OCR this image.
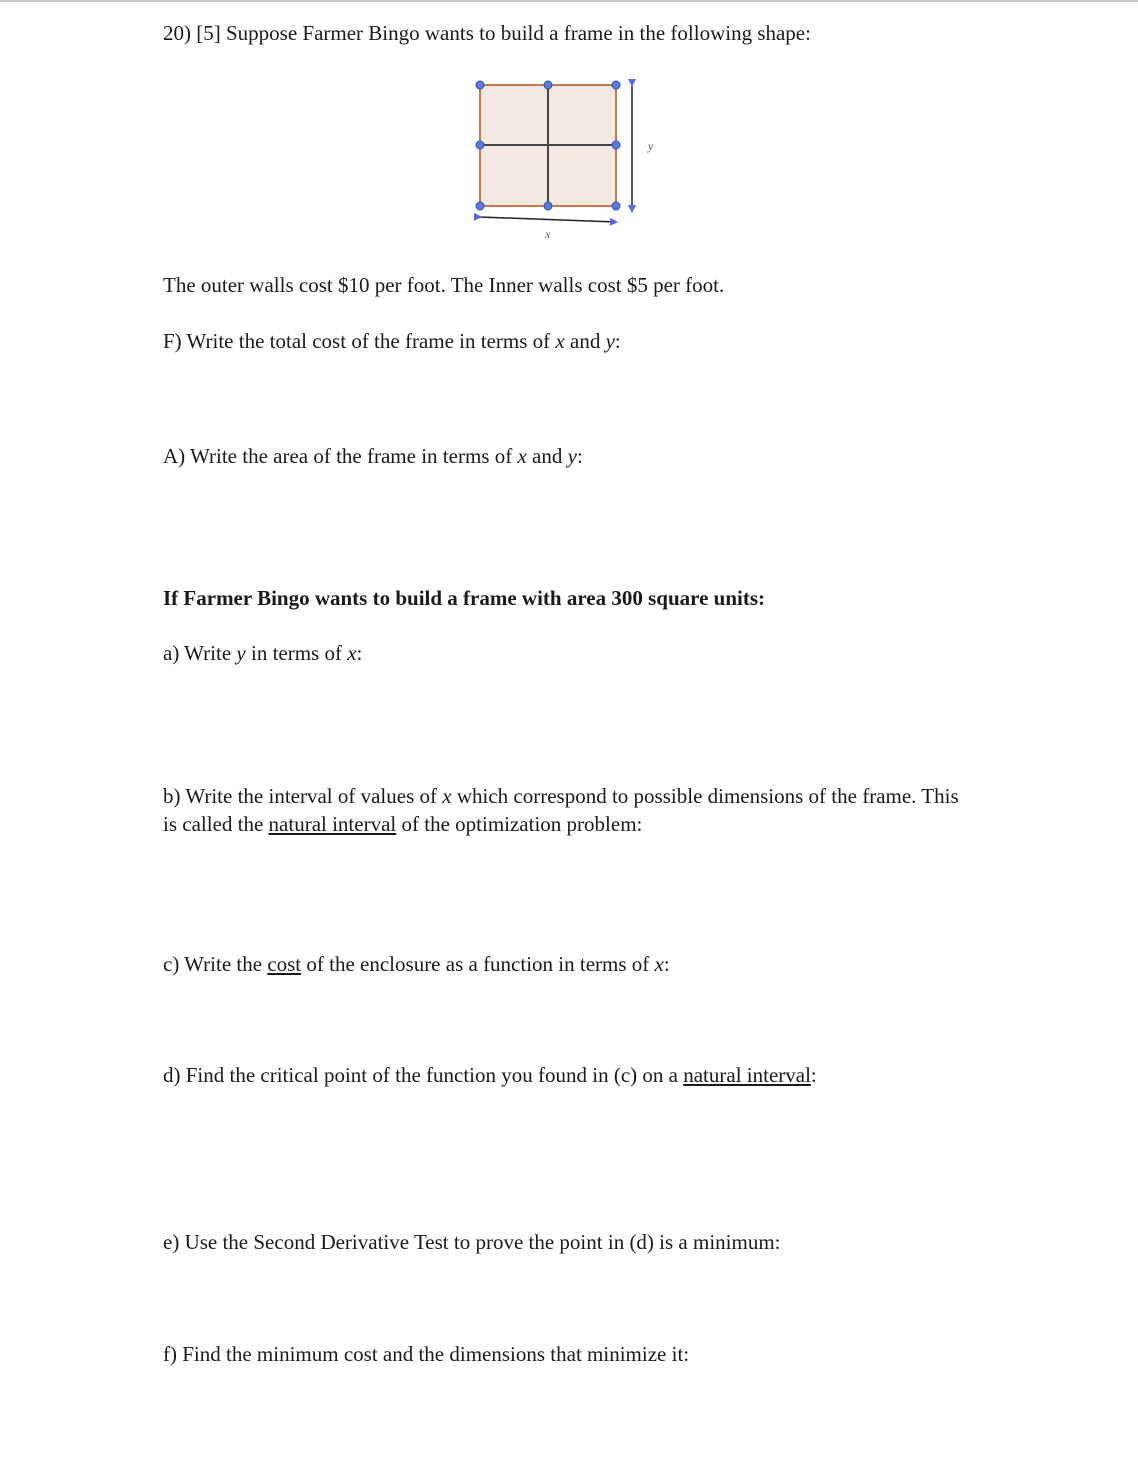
20) [5] Suppose Farmer Bingo wants to build a frame in the following shape:
y
x
The outer walls cost $10 per foot. The Inner walls cost $5 per foot.
F) Write the total cost of the frame in terms of x and y:
A) Write the area of the frame in terms of x and y:
If Farmer Bingo wants to build a frame with area 300 square units:
a) Write y in terms of x:
b) Write the interval of values of x which correspond to possible dimensions of the frame. This is called the natural interval of the optimization problem:
c) Write the cost of the enclosure as a function in terms of x:
d) Find the critical point of the function you found in (c) on a natural interval:
e) Use the Second Derivative Test to prove the point in (d) is a minimum:
f) Find the minimum cost and the dimensions that minimize it:
